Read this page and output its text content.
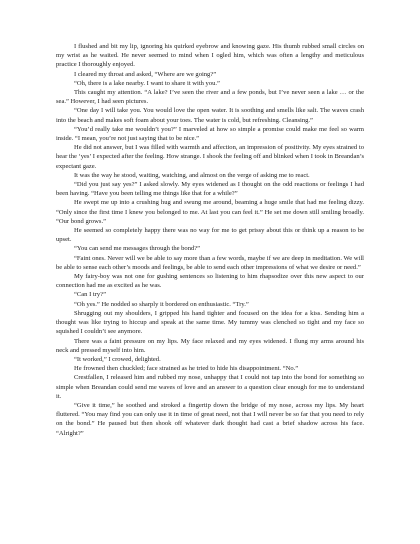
I flushed and bit my lip, ignoring his quirked eyebrow and knowing gaze. His thumb rubbed small circles on my wrist as he waited. He never seemed to mind when I ogled him, which was often a lengthy and meticulous practice I thoroughly enjoyed.

I cleared my throat and asked, “Where are we going?”

“Oh, there is a lake nearby. I want to share it with you.”

This caught my attention. “A lake? I’ve seen the river and a few ponds, but I’ve never seen a lake … or the sea.” However, I had seen pictures.

“One day I will take you. You would love the open water. It is soothing and smells like salt. The waves crash into the beach and makes soft foam about your toes. The water is cold, but refreshing. Cleansing.”

“You’d really take me wouldn’t you?” I marveled at how so simple a promise could make me feel so warm inside. “I mean, you’re not just saying that to be nice.”

He did not answer, but I was filled with warmth and affection, an impression of positivity. My eyes strained to hear the ‘yes’ I expected after the feeling. How strange. I shook the feeling off and blinked when I took in Breandan’s expectant gaze.

It was the way he stood, waiting, watching, and almost on the verge of asking me to react.

“Did you just say yes?” I asked slowly. My eyes widened as I thought on the odd reactions or feelings I had been having. “Have you been telling me things like that for a while?”

He swept me up into a crushing hug and swung me around, beaming a huge smile that had me feeling dizzy. “Only since the first time I knew you belonged to me. At last you can feel it.” He set me down still smiling broadly. “Our bond grows.”

He seemed so completely happy there was no way for me to get prissy about this or think up a reason to be upset.

“You can send me messages through the bond?”

“Faint ones. Never will we be able to say more than a few words, maybe if we are deep in meditation. We will be able to sense each other’s moods and feelings, be able to send each other impressions of what we desire or need.”

My fairy-boy was not one for gushing sentences so listening to him rhapsodize over this new aspect to our connection had me as excited as he was.

“Can I try?”

“Oh yes.” He nodded so sharply it bordered on enthusiastic. “Try.”

Shrugging out my shoulders, I gripped his hand tighter and focused on the idea for a kiss. Sending him a thought was like trying to hiccup and speak at the same time. My tummy was clenched so tight and my face so squished I couldn’t see anymore.

There was a faint pressure on my lips. My face relaxed and my eyes widened. I flung my arms around his neck and pressed myself into him.

“It worked,” I crowed, delighted.

He frowned then chuckled; face strained as he tried to hide his disappointment. “No.”

Crestfallen, I released him and rubbed my nose, unhappy that I could not tap into the bond for something so simple when Breandan could send me waves of love and an answer to a question clear enough for me to understand it.

“Give it time,” he soothed and stroked a fingertip down the bridge of my nose, across my lips. My heart fluttered. “You may find you can only use it in time of great need, not that I will never be so far that you need to rely on the bond.” He paused but then shook off whatever dark thought had cast a brief shadow across his face. “Alright?”
